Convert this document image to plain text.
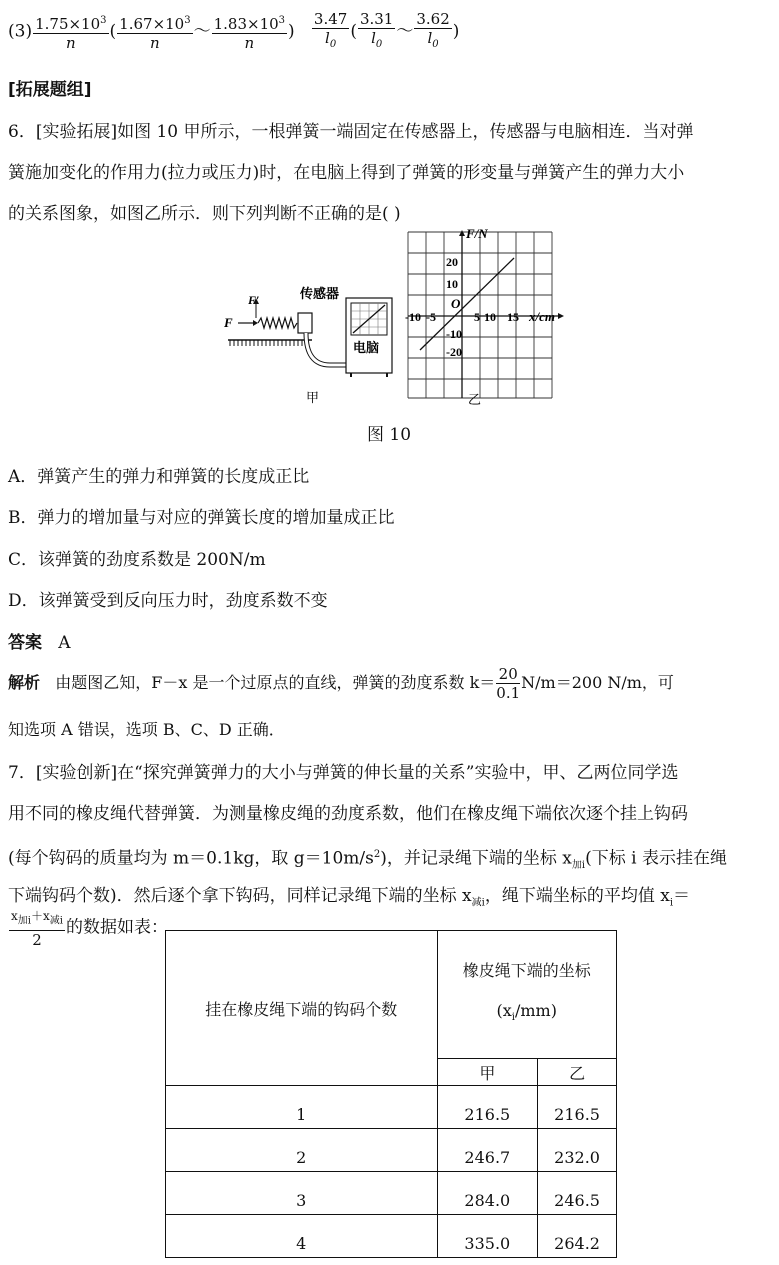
$(3) \frac{1.75\times 10^3}{n}$ ( $\frac{1.67\times 10^3}{n}$ ～ $\frac{1.83\times 10^3}{n}$ ) $\frac{3.47}{l_0}$ ( $\frac{3.31}{l_0}$ ～ $\frac{3.62}{l_0}$ )
[拓展题组]
6．[实验拓展]如图 10 甲所示，一根弹簧一端固定在传感器上，传感器与电脑相连．当对弹
簧施加变化的作用力(拉力或压力)时，在电脑上得到了弹簧的形变量与弹簧产生的弹力大小
的关系图象，如图乙所示．则下列判断不正确的是( )
F
F′	传感器
电脑
甲
F/N
x/cm
O
20
10
-10
-20
-10 -5	5 10 15
乙
图 10
A．弹簧产生的弹力和弹簧的长度成正比
B．弹力的增加量与对应的弹簧长度的增加量成正比
C．该弹簧的劲度系数是 200N/m
D．该弹簧受到反向压力时，劲度系数不变
答案 A
解析 由题图乙知，F－x 是一个过原点的直线，弹簧的劲度系数 $k= \frac{20}{0.1} N/m=200$ N/m，可
知选项 A 错误，选项 B、C、D 正确．
7．[实验创新]在“探究弹簧弹力的大小与弹簧的伸长量的关系”实验中，甲、乙两位同学选
用不同的橡皮绳代替弹簧．为测量橡皮绳的劲度系数，他们在橡皮绳下端依次逐个挂上钩码
(每个钩码的质量均为 m＝0.1kg，取 $g=10m/s^2$)，并记录绳下端的坐标 $x_{加i}$(下标 i 表示挂在绳
下端钩码个数)．然后逐个拿下钩码，同样记录绳下端的坐标 $x_{减i}$，绳下端坐标的平均值 $x_i=$
$\frac{x_{加i}+x_{减i}}{2}$ 的数据如表：
挂在橡皮绳下端的钩码个数	橡皮绳下端的坐标
$(x_i/mm)$	
	甲	乙
1	216.5	216.5
2	246.7	232.0
3	284.0	246.5
4	335.0	264.2
